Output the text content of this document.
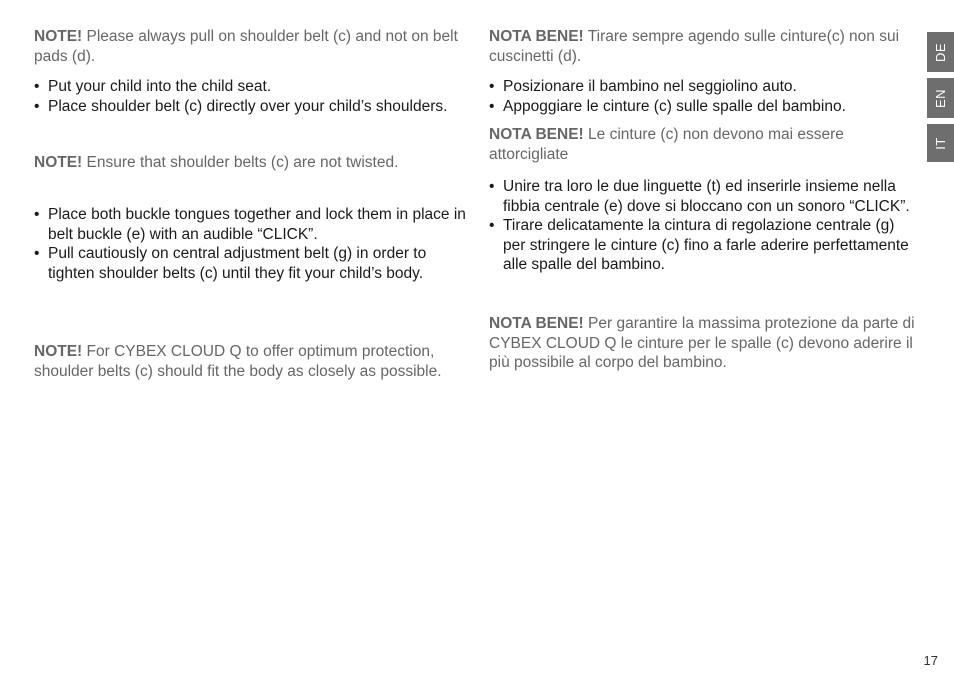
NOTE! Please always pull on shoulder belt (c) and not on belt pads (d).

• Put your child into the child seat.
• Place shoulder belt (c) directly over your child’s shoulders.

NOTE! Ensure that shoulder belts (c) are not twisted.

• Place both buckle tongues together and lock them in place in belt buckle (e) with an audible “CLICK”.
• Pull cautiously on central adjustment belt (g) in order to tighten shoulder belts (c) until they fit your child’s body.

NOTE! For CYBEX CLOUD Q to offer optimum protection, shoulder belts (c) should fit the body as closely as possible.

NOTA BENE! Tirare sempre agendo sulle cinture(c) non sui cuscinetti (d).

• Posizionare il bambino nel seggiolino auto.
• Appoggiare le cinture (c) sulle spalle del bambino.

NOTA BENE! Le cinture (c) non devono mai essere attorcigliate

• Unire tra loro le due linguette (t) ed inserirle insieme nella fibbia centrale (e) dove si bloccano con un sonoro “CLICK”.
• Tirare delicatamente la cintura di regolazione centrale (g) per stringere le cinture (c) fino a farle aderire perfettamente alle spalle del bambino.

NOTA BENE! Per garantire la massima protezione da parte di CYBEX CLOUD Q le cinture per le spalle (c) devono aderire il più possibile al corpo del bambino.

DE
EN
IT
17
